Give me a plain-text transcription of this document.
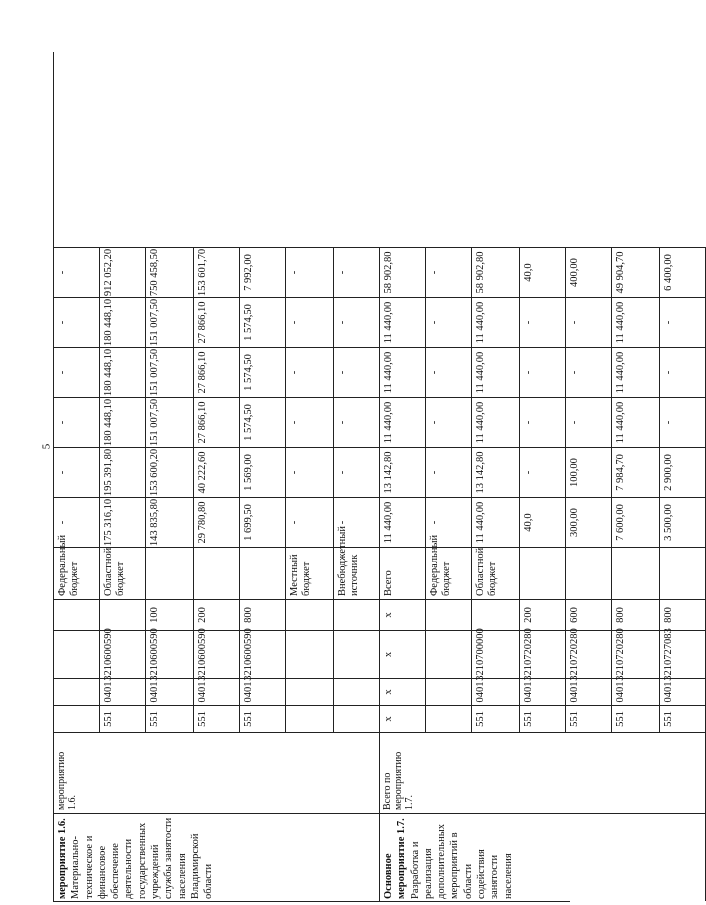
5
Федеральный бюджет
-
-
-
-
-
-
551
0401
3210600590
Областной бюджет
175 316,10
195 391,80
180 448,10
180 448,10
180 448,10
912 052,20
551
0401
3210600590
100
143 835,80
153 600,20
151 007,50
151 007,50
151 007,50
750 458,50
551
0401
3210600590
200
29 780,80
40 222,60
27 866,10
27 866,10
27 866,10
153 601,70
551
0401
3210600590
800
1 699,50
1 569,00
1 574,50
1 574,50
1 574,50
7 992,00
Местный бюджет
-
-
-
-
-
-
Внебюджетный источник
-
-
-
-
-
-
мероприятие 1.6. Материально-техническое и финансовое обеспечение деятельности государственных учреждений службы занятости населения Владимирской области
мероприятию 1.6.
х
х
х
х
Всего
11 440,00
13 142,80
11 440,00
11 440,00
11 440,00
58 902,80
Федеральный бюджет
-
-
-
-
-
-
551
0401
3210700000
Областной бюджет
11 440,00
13 142,80
11 440,00
11 440,00
11 440,00
58 902,80
551
0401
3210720280
200
40,0
-
-
-
-
40,0
551
0401
3210720280
600
300,00
100,00
-
-
-
400,00
551
0401
3210720280
800
7 600,00
7 984,70
11 440,00
11 440,00
11 440,00
49 904,70
551
0401
3210727083
800
3 500,00
2 900,00
-
-
-
6 400,00
Основное мероприятие 1.7. Разработка и реализация дополнительных мероприятий в области содействия занятости населения
Всего по мероприятию 1.7.
